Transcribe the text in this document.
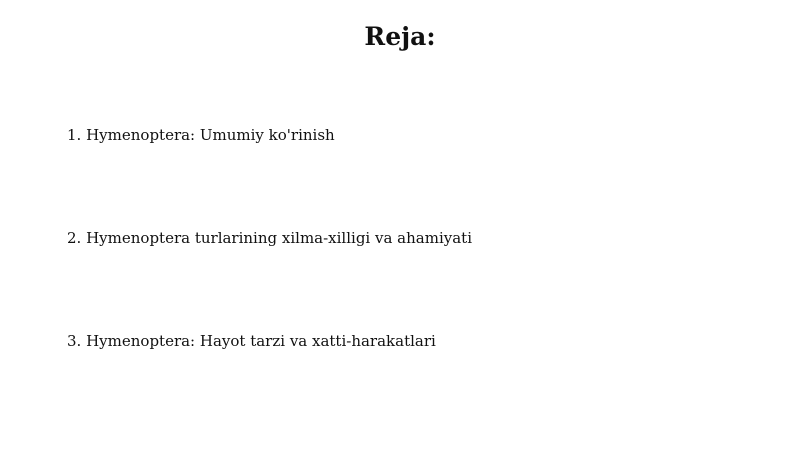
Reja:
1. Hymenoptera: Umumiy ko'rinish
2. Hymenoptera turlarining xilma-xilligi va ahamiyati
3. Hymenoptera: Hayot tarzi va xatti-harakatlari
